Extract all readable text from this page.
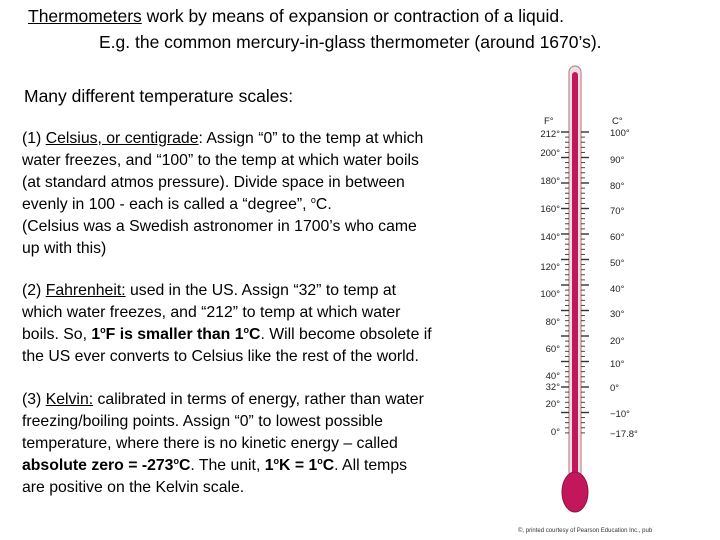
Thermometers work by means of expansion or contraction of a liquid.
E.g. the common mercury-in-glass thermometer (around 1670’s).
Many different temperature scales:
(1) Celsius, or centigrade: Assign “0” to the temp at which
water freezes, and “100” to the temp at which water boils
(at standard atmos pressure). Divide space in between
evenly in 100 - each is called a “degree”, $^o$C.
(Celsius was a Swedish astronomer in 1700’s who came
up with this)
(2) Fahrenheit: used in the US. Assign “32” to temp at
which water freezes, and “212” to temp at which water
boils. So, 1$^o$F is smaller than 1$^o$C. Will become obsolete if
the US ever converts to Celsius like the rest of the world.
(3) Kelvin: calibrated in terms of energy, rather than water
freezing/boiling points. Assign “0” to lowest possible
temperature, where there is no kinetic energy – called
absolute zero = $-273^oC$. The unit, $1^oK = 1^oC$. All temps
are positive on the Kelvin scale.
F°	C°
212°
200°
180°
160°
140°
120°
100°
80°
60°
40°
32°
20°
0°
100°
90°
80°
70°
60°
50°
40°
30°
20°
10°
0°
−10°
−17.8°
©, printed courtesy of Pearson Education Inc., pub
